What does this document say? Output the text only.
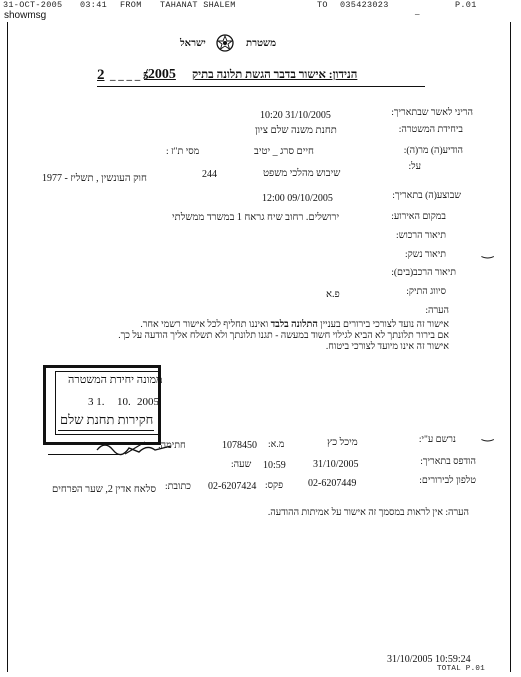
31-OCT-2005 03:41 FROM TAHANAT SHALEM	TO 035423023	P.01
_
showmsg
ישראל	משטרת
2 _ _ _ _ 5
/2005 הנידון: אישור בדבר הגשת תלונה בתיק
10:20 31/10/2005	הריני לאשר שבתאריך:
תחנת משנה שלם ציון	ביחידת המשטרה:
מסי ת"ז :	חיים סרג _ יטיב	הודיע(ה) מר(ה):
חוק העונשין , תשליז - 1977	244	שיבוש מהלכי משפט
על:
12:00 09/10/2005	שבוצע(ה) בתאריך:
ירושלים. רחוב שיח גראח 1 במשרד ממשלתי	במקום האירוע:
תיאור הרכוש:
תיאור נשק:
תיאור הרכב(בים):
פ.א	סיווג התיק:
הערה:
אישור זה נועד לצורכי בירורים בעניין התלונה בלבד ואיננו תחליף לכל אישור רשמי אחר.
אם בירור תלונתך לא הביא לגילוי חשוד במעשה - תגנו תלונתך ולא תשלח אליך הודעה על כך.
אישור זה אינו מיועד לצורכי ביטוח.
ממונה יחידת המשטרה
3 1. 10. 2005
חקירות תחנת שלם
חתימה:	1078450 מ.א:	מיכל כץ	נרשם ע"י:
שעה: 10:59	31/10/2005	הודפס בתאריך:
סלאח אדין 2, שער הפרחים כתובת: 02-6207424 פקס: 02-6207449	טלפון לבירורים:
הערה: אין לראות במסמך זה אישור על אמיתות ההודעה.
‿
‿
31/10/2005 10:59:24
TOTAL P.01
